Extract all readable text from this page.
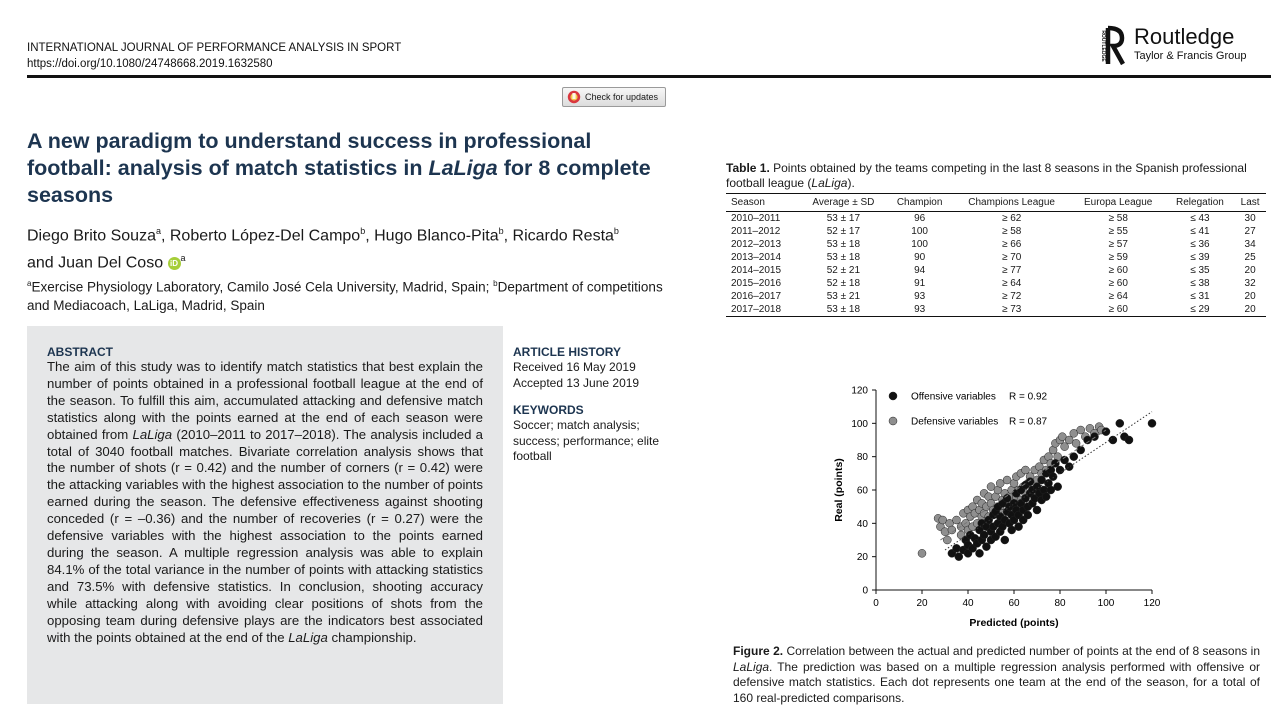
INTERNATIONAL JOURNAL OF PERFORMANCE ANALYSIS IN SPORT
https://doi.org/10.1080/24748668.2019.1632580
ROUTLEDGE Routledge
Taylor & Francis Group
Check for updates
A new paradigm to understand success in professional football: analysis of match statistics in LaLiga for 8 complete seasons
Diego Brito Souza$^a$, Roberto López-Del Campo$^b$, Hugo Blanco-Pita$^b$, Ricardo Resta$^b$
and Juan Del Coso $iD^a$
$^a$Exercise Physiology Laboratory, Camilo José Cela University, Madrid, Spain; $^b$Department of competitions and Mediacoach, LaLiga, Madrid, Spain
ABSTRACT
The aim of this study was to identify match statistics that best explain the number of points obtained in a professional football league at the end of the season. To fulfill this aim, accumulated attacking and defensive match statistics along with the points earned at the end of each season were obtained from LaLiga (2010–2011 to 2017–2018). The analysis included a total of 3040 football matches. Bivariate correlation analysis shows that the number of shots (r = 0.42) and the number of corners (r = 0.42) were the attacking variables with the highest association to the number of points earned during the season. The defensive effectiveness against shooting conceded (r = –0.36) and the number of recoveries (r = 0.27) were the defensive variables with the highest association to the points earned during the season. A multiple regression analysis was able to explain 84.1% of the total variance in the number of points with attacking statistics and 73.5% with defensive statistics. In conclusion, shooting accuracy while attacking along with avoiding clear positions of shots from the opposing team during defensive plays are the indicators best associated with the points obtained at the end of the LaLiga championship.
ARTICLE HISTORY
Received 16 May 2019
Accepted 13 June 2019
KEYWORDS
Soccer; match analysis; success; performance; elite football
Table 1. Points obtained by the teams competing in the last 8 seasons in the Spanish professional football league (LaLiga).
Season	Average ± SD	Champion	Champions League	Europa League	Relegation	Last
2010–2011	53 ± 17	96	≥ 62	≥ 58	≤ 43	30
2011–2012	52 ± 17	100	≥ 58	≥ 55	≤ 41	27
2012–2013	53 ± 18	100	≥ 66	≥ 57	≤ 36	34
2013–2014	53 ± 18	90	≥ 70	≥ 59	≤ 39	25
2014–2015	52 ± 21	94	≥ 77	≥ 60	≤ 35	20
2015–2016	52 ± 18	91	≥ 64	≥ 60	≤ 38	32
2016–2017	53 ± 21	93	≥ 72	≥ 64	≤ 31	20
2017–2018	53 ± 18	93	≥ 73	≥ 60	≤ 29	20
0	20	40	60	80	100	120
0
20
40
60
80
100
120
Predicted (points)
Real (points)
Offensive variables R = 0.92
Defensive variables R = 0.87
Figure 2. Correlation between the actual and predicted number of points at the end of 8 seasons in LaLiga. The prediction was based on a multiple regression analysis performed with offensive or defensive match statistics. Each dot represents one team at the end of the season, for a total of 160 real-predicted comparisons.
